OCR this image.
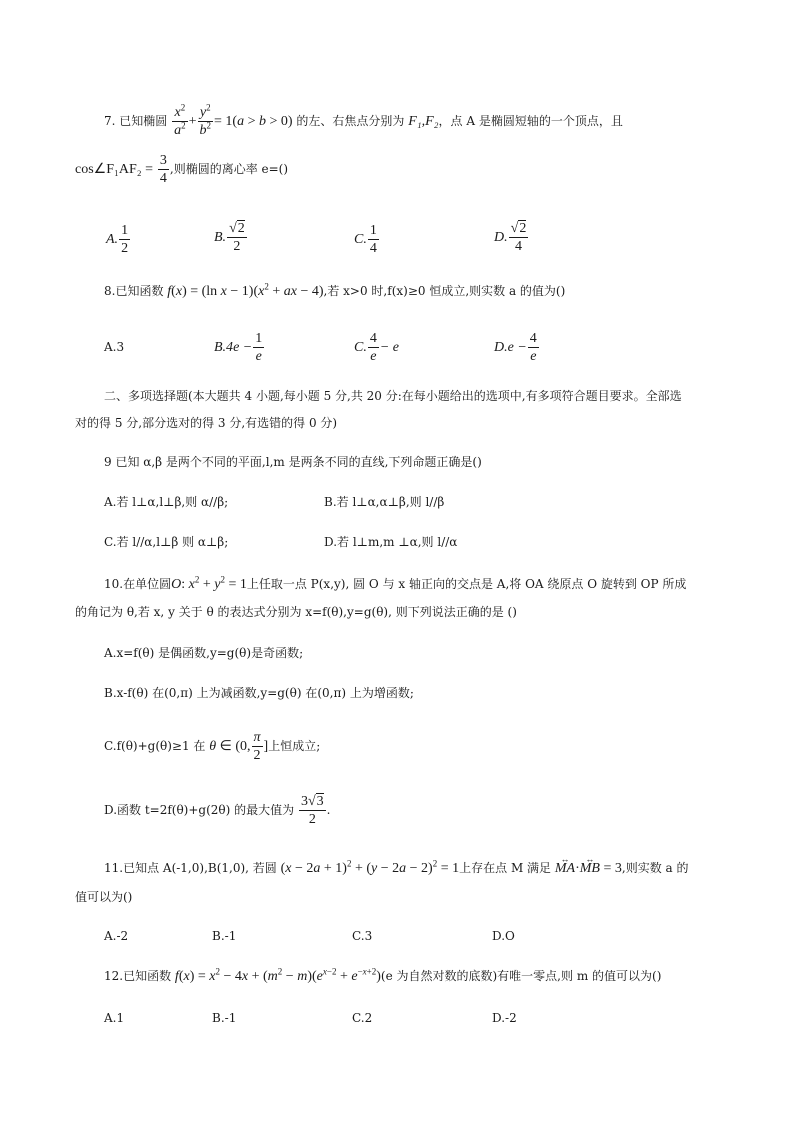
7. 已知椭圆 $\frac{x^2}{a^2} + \frac{y^2}{b^2} = 1(a > b > 0)$ 的左、右焦点分别为 F₁,F₂，点 A 是椭圆短轴的一个顶点，且
cos∠F₁AF₂ = $\frac{3}{4}$ ,则椭圆的离心率 e=()
A. $\frac{1}{2}$	B. $\frac{√2}{2}$	C. $\frac{1}{4}$	D. $\frac{√2}{4}$
8.已知函数 f(x) = (ln $x - 1)(x^2$ + ax − 4),若 x>0 时,f(x)≥0 恒成立,则实数 a 的值为()
A.3	$B.4e - \frac{1}{e}$	C. $\frac{4}{e} - e$	$D.e - \frac{4}{e}$
二、多项选择题(本大题共 4 小题,每小题 5 分,共 20 分:在每小题给出的选项中,有多项符合题目要求。全部选
对的得 5 分,部分选对的得 3 分,有选错的得 0 分)
9 已知 α,β 是两个不同的平面,l,m 是两条不同的直线,下列命题正确是()
A.若 l⊥α,l⊥β,则 α//β;	B.若 l⊥α,α⊥β,则 l//β
C.若 l//α,l⊥β 则 α⊥β;	D.若 l⊥m,m ⊥α,则 l//α
10.在单位圆O: $x^2 + y^2 = 1$上任取一点 P(x,y), 圆 O 与 x 轴正向的交点是 A,将 OA 绕原点 O 旋转到 OP 所成
的角记为 θ,若 x, y 关于 θ 的表达式分别为 x=f(θ),y=g(θ), 则下列说法正确的是 ()
A.x=f(θ) 是偶函数,y=g(θ)是奇函数;
B.x-f(θ) 在(0,π) 上为减函数,y=g(θ) 在(0,π) 上为增函数;
C.f(θ)+g(θ)≥1 在 θ ∈ (0, $\frac{\pi}{2}$ ]上恒成立;
D.函数 t=2f(θ)+g(2θ) 的最大值为 $\frac{3√3}{2}$ .
11.已知点 A(-1,0),B(1,0), 若圆 $(x - 2a + 1)^2 + (y - 2a - 2)^2 = 1$上存在点 M 满足 ↔ MA·↔ MB = 3,则实数 a 的
值可以为()
A.-2	B.-1	C.3	D.O
12.已知函数 $f(x) = x^2 - 4x + (m^2 - m)(e^{x-2} + e^{-x+2})(e$ 为自然对数的底数)有唯一零点,则 m 的值可以为()
A.1	B.-1	C.2	D.-2
